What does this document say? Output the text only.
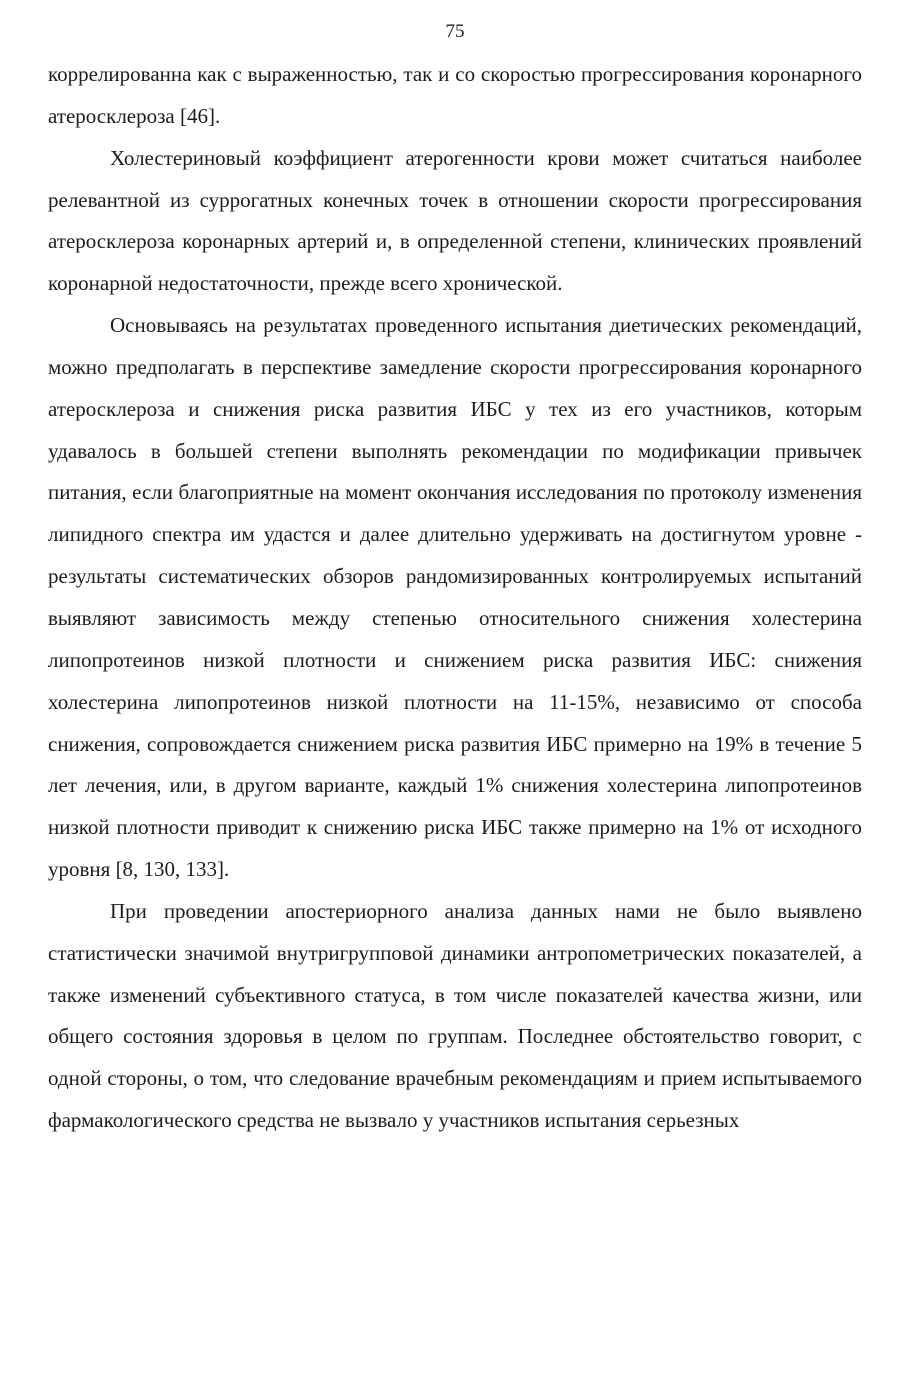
75

коррелированна как с выраженностью, так и со скоростью прогрессирования коронарного атеросклероза [46].

Холестериновый коэффициент атерогенности крови может считаться наиболее релевантной из суррогатных конечных точек в отношении скорости прогрессирования атеросклероза коронарных артерий и, в определенной степени, клинических проявлений коронарной недостаточности, прежде всего хронической.

Основываясь на результатах проведенного испытания диетических рекомендаций, можно предполагать в перспективе замедление скорости прогрессирования коронарного атеросклероза и снижения риска развития ИБС у тех из его участников, которым удавалось в большей степени выполнять рекомендации по модификации привычек питания, если благоприятные на момент окончания исследования по протоколу изменения липидного спектра им удастся и далее длительно удерживать на достигнутом уровне - результаты систематических обзоров рандомизированных контролируемых испытаний выявляют зависимость между степенью относительного снижения холестерина липопротеинов низкой плотности и снижением риска развития ИБС: снижения холестерина липопротеинов низкой плотности на 11-15%, независимо от способа снижения, сопровождается снижением риска развития ИБС примерно на 19% в течение 5 лет лечения, или, в другом варианте, каждый 1% снижения холестерина липопротеинов низкой плотности приводит к снижению риска ИБС также примерно на 1% от исходного уровня [8, 130, 133].

При проведении апостериорного анализа данных нами не было выявлено статистически значимой внутригрупповой динамики антропометрических показателей, а также изменений субъективного статуса, в том числе показателей качества жизни, или общего состояния здоровья в целом по группам. Последнее обстоятельство говорит, с одной стороны, о том, что следование врачебным рекомендациям и прием испытываемого фармакологического средства не вызвало у участников испытания серьезных
